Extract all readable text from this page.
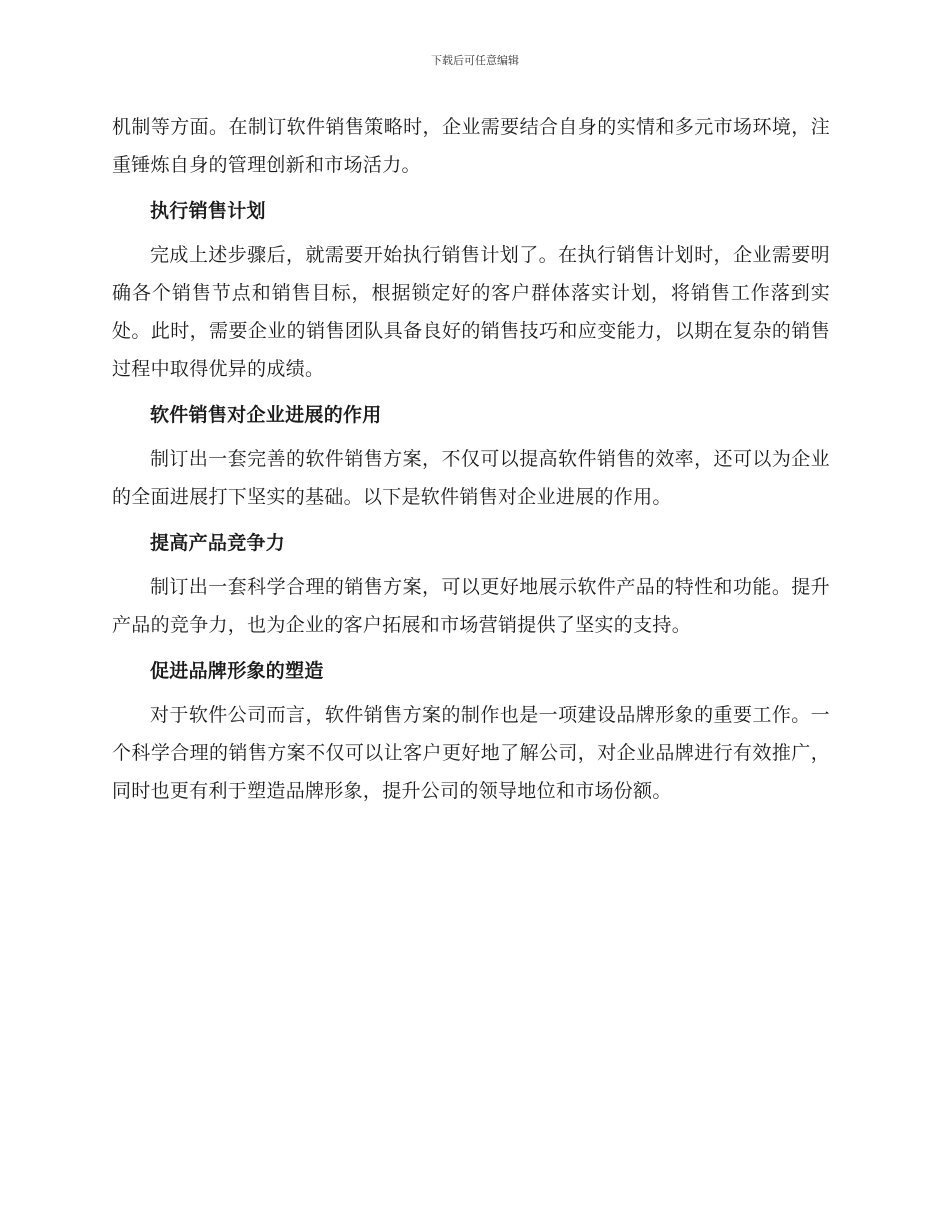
下载后可任意编辑

机制等方面。在制订软件销售策略时，企业需要结合自身的实情和多元市场环境，注重锤炼自身的管理创新和市场活力。

执行销售计划

完成上述步骤后，就需要开始执行销售计划了。在执行销售计划时，企业需要明确各个销售节点和销售目标，根据锁定好的客户群体落实计划，将销售工作落到实处。此时，需要企业的销售团队具备良好的销售技巧和应变能力，以期在复杂的销售过程中取得优异的成绩。

软件销售对企业进展的作用

制订出一套完善的软件销售方案，不仅可以提高软件销售的效率，还可以为企业的全面进展打下坚实的基础。以下是软件销售对企业进展的作用。

提高产品竞争力

制订出一套科学合理的销售方案，可以更好地展示软件产品的特性和功能。提升产品的竞争力，也为企业的客户拓展和市场营销提供了坚实的支持。

促进品牌形象的塑造

对于软件公司而言，软件销售方案的制作也是一项建设品牌形象的重要工作。一个科学合理的销售方案不仅可以让客户更好地了解公司，对企业品牌进行有效推广，同时也更有利于塑造品牌形象，提升公司的领导地位和市场份额。
